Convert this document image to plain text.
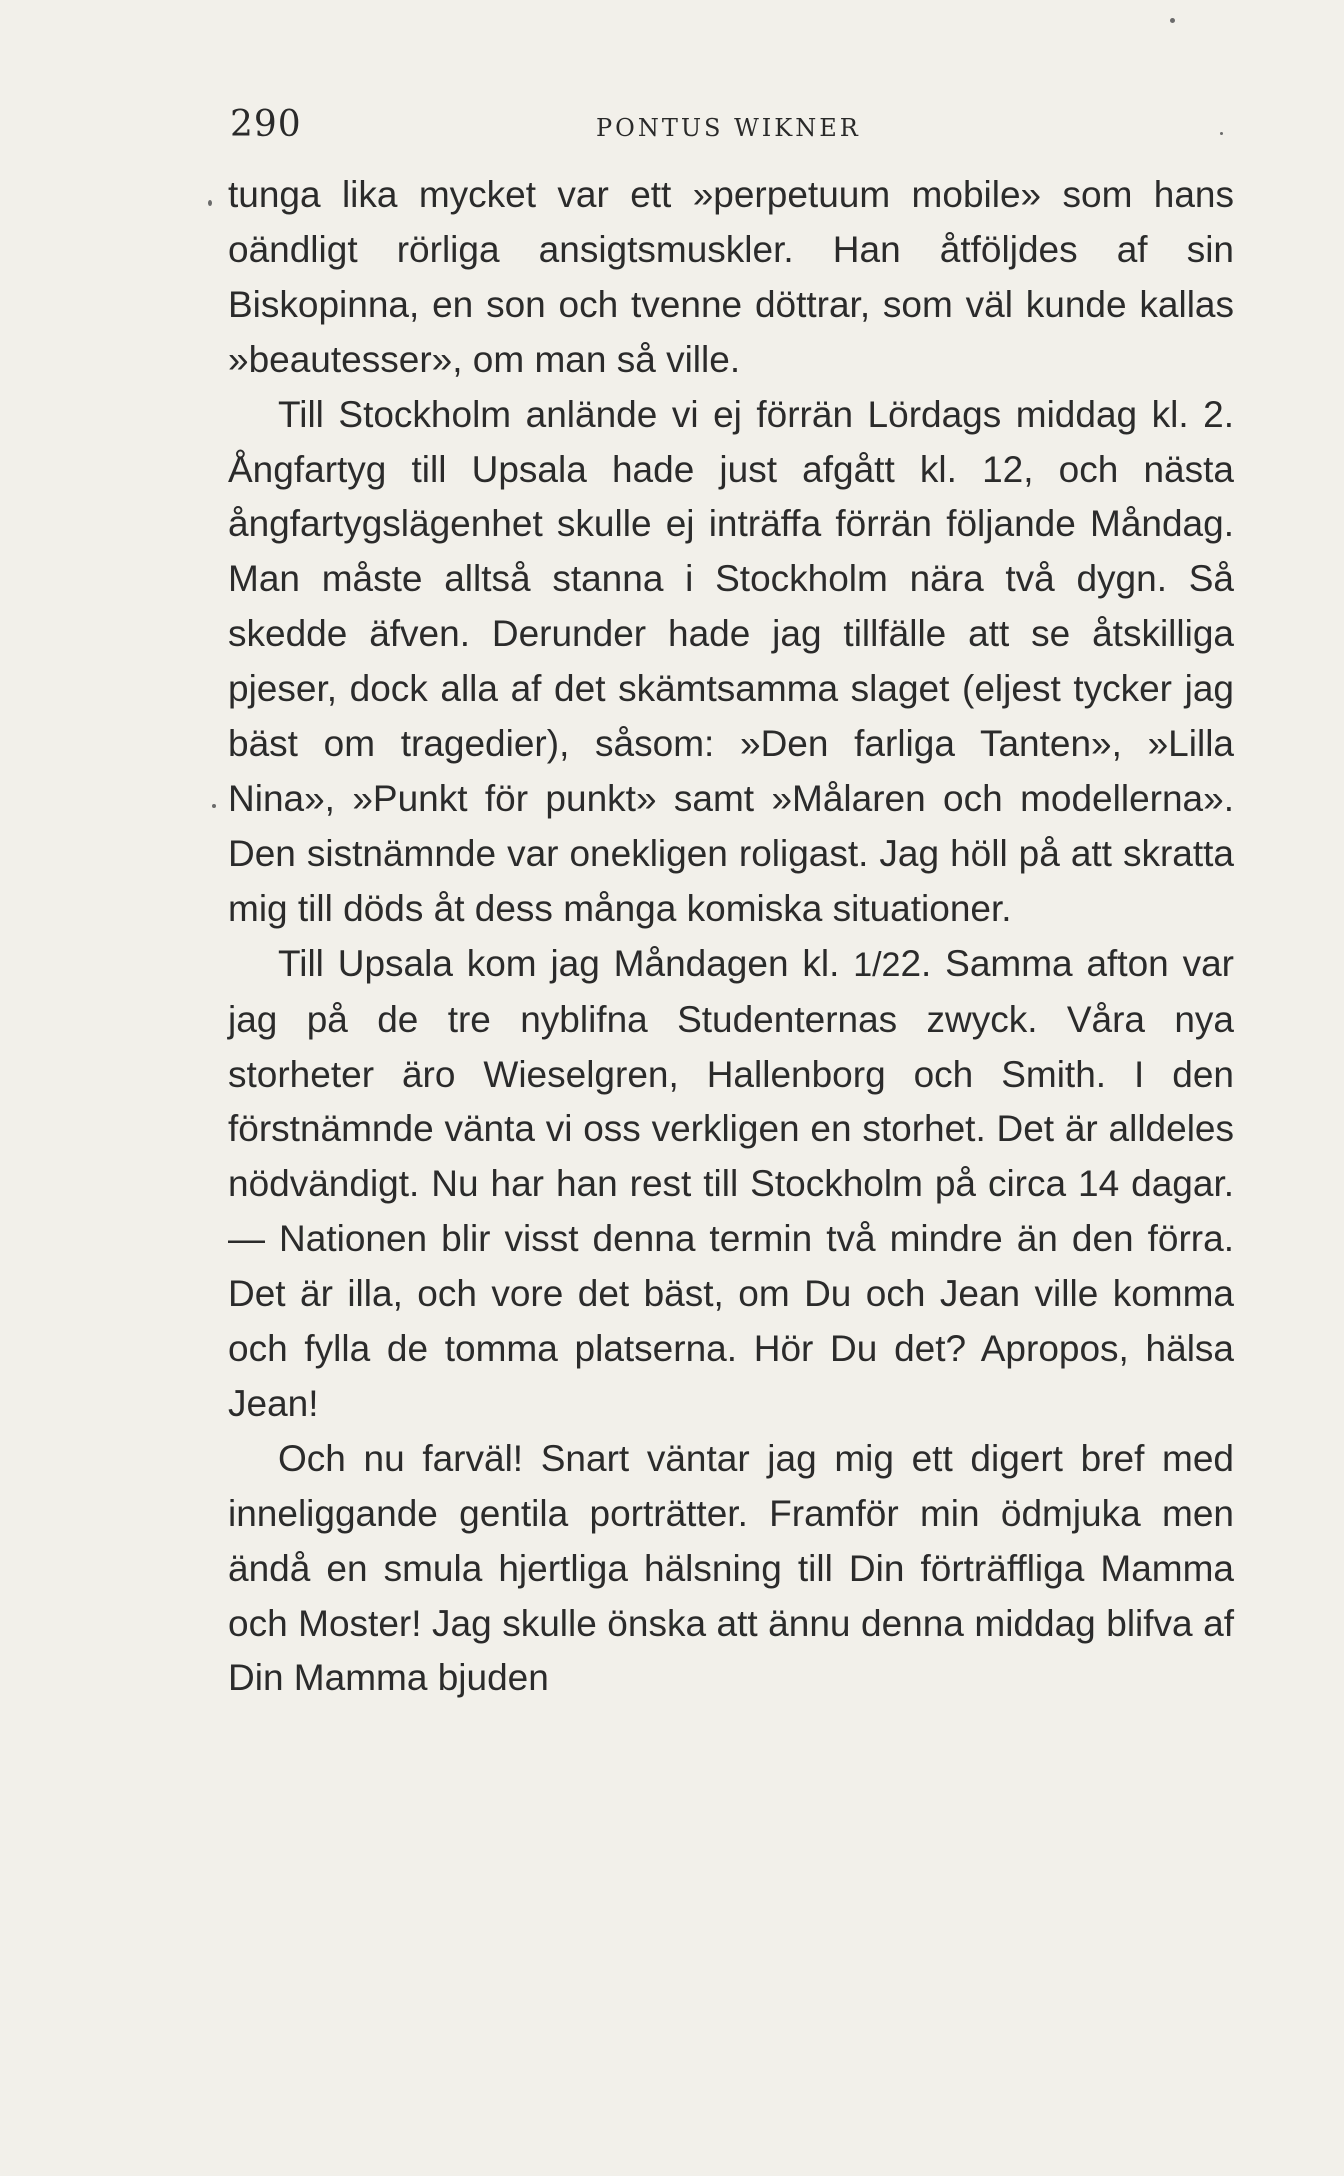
290	PONTUS WIKNER

tunga lika mycket var ett »perpetuum mobile» som hans oändligt rörliga ansigtsmuskler. Han åtföljdes af sin Biskopinna, en son och tvenne döttrar, som väl kunde kallas »beautesser», om man så ville.

Till Stockholm anlände vi ej förrän Lördags middag kl. 2. Ångfartyg till Upsala hade just afgått kl. 12, och nästa ångfartygslägenhet skulle ej inträffa förrän följande Måndag. Man måste alltså stanna i Stockholm nära två dygn. Så skedde äfven. Derunder hade jag tillfälle att se åtskilliga pjeser, dock alla af det skämtsamma slaget (eljest tycker jag bäst om tragedier), såsom: »Den farliga Tanten», »Lilla Nina», »Punkt för punkt» samt »Målaren och modellerna». Den sistnämnde var onekligen roligast. Jag höll på att skratta mig till döds åt dess många komiska situationer.

Till Upsala kom jag Måndagen kl. 1/22. Samma afton var jag på de tre nyblifna Studenternas zwyck. Våra nya storheter äro Wieselgren, Hallenborg och Smith. I den förstnämnde vänta vi oss verkligen en storhet. Det är alldeles nödvändigt. Nu har han rest till Stockholm på circa 14 dagar. — Nationen blir visst denna termin två mindre än den förra. Det är illa, och vore det bäst, om Du och Jean ville komma och fylla de tomma platserna. Hör Du det? Apropos, hälsa Jean!

Och nu farväl! Snart väntar jag mig ett digert bref med inneliggande gentila porträtter. Framför min ödmjuka men ändå en smula hjertliga hälsning till Din förträffliga Mamma och Moster! Jag skulle önska att ännu denna middag blifva af Din Mamma bjuden
